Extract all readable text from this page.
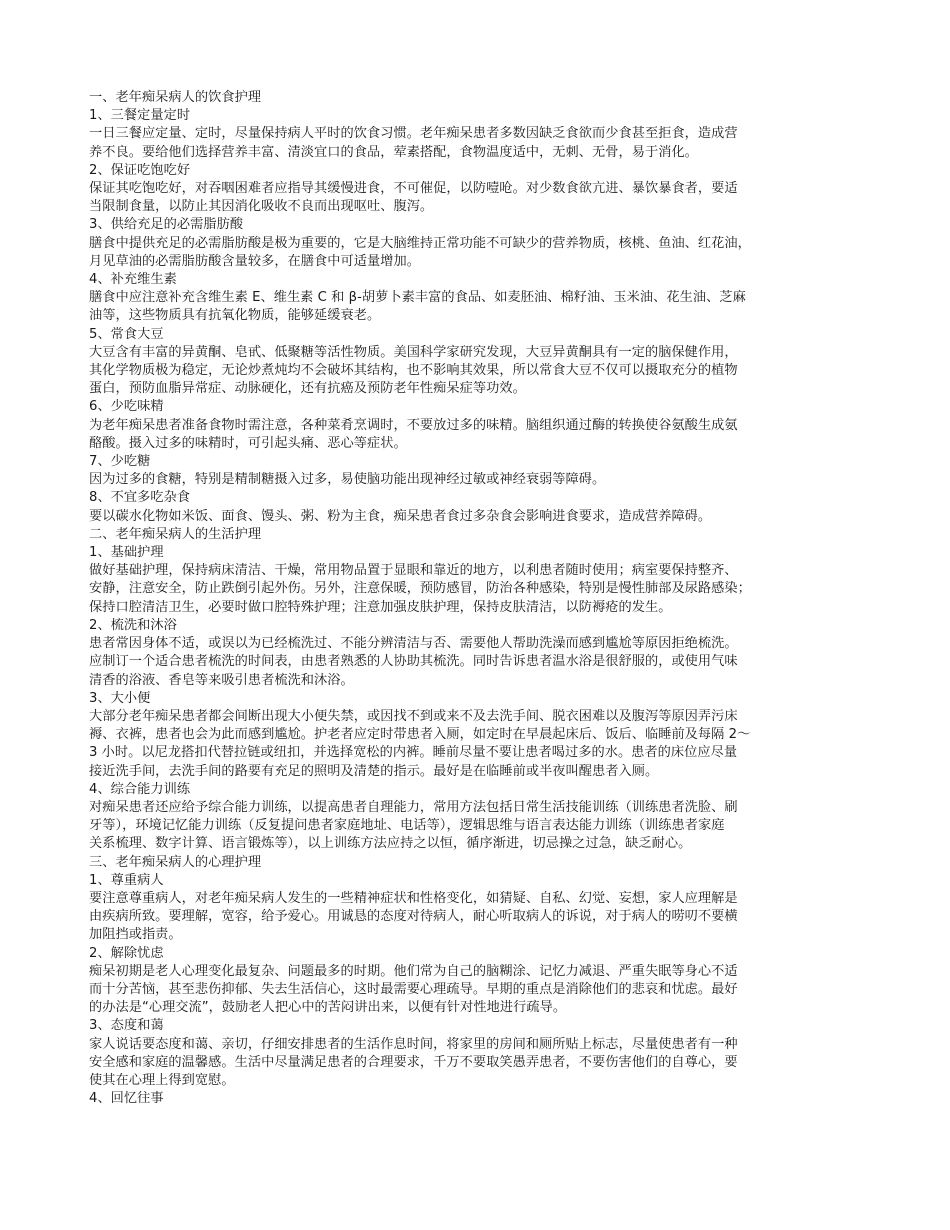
一、老年痴呆病人的饮食护理
1、三餐定量定时
一日三餐应定量、定时，尽量保持病人平时的饮食习惯。老年痴呆患者多数因缺乏食欲而少食甚至拒食，造成营
养不良。要给他们选择营养丰富、清淡宜口的食品，荤素搭配，食物温度适中，无刺、无骨，易于消化。
2、保证吃饱吃好
保证其吃饱吃好，对吞咽困难者应指导其缓慢进食，不可催促，以防噎呛。对少数食欲亢进、暴饮暴食者，要适
当限制食量，以防止其因消化吸收不良而出现呕吐、腹泻。
3、供给充足的必需脂肪酸
膳食中提供充足的必需脂肪酸是极为重要的，它是大脑维持正常功能不可缺少的营养物质，核桃、鱼油、红花油，
月见草油的必需脂肪酸含量较多，在膳食中可适量增加。
4、补充维生素
膳食中应注意补充含维生素 E、维生素 C 和 β-胡萝卜素丰富的食品、如麦胚油、棉籽油、玉米油、花生油、芝麻
油等，这些物质具有抗氧化物质，能够延缓衰老。
5、常食大豆
大豆含有丰富的异黄酮、皂甙、低聚糖等活性物质。美国科学家研究发现，大豆异黄酮具有一定的脑保健作用，
其化学物质极为稳定，无论炒煮炖均不会破坏其结构，也不影响其效果，所以常食大豆不仅可以摄取充分的植物
蛋白，预防血脂异常症、动脉硬化，还有抗癌及预防老年性痴呆症等功效。
6、少吃味精
为老年痴呆患者准备食物时需注意，各种菜肴烹调时，不要放过多的味精。脑组织通过酶的转换使谷氨酸生成氨
酪酸。摄入过多的味精时，可引起头痛、恶心等症状。
7、少吃糖
因为过多的食糖，特别是精制糖摄入过多，易使脑功能出现神经过敏或神经衰弱等障碍。
8、不宜多吃杂食
要以碳水化物如米饭、面食、馒头、粥、粉为主食，痴呆患者食过多杂食会影响进食要求，造成营养障碍。
二、老年痴呆病人的生活护理
1、基础护理
做好基础护理，保持病床清洁、干燥，常用物品置于显眼和靠近的地方，以利患者随时使用；病室要保持整齐、
安静，注意安全，防止跌倒引起外伤。另外，注意保暖，预防感冒，防治各种感染，特别是慢性肺部及尿路感染；
保持口腔清洁卫生，必要时做口腔特殊护理；注意加强皮肤护理，保持皮肤清洁，以防褥疮的发生。
2、梳洗和沐浴
患者常因身体不适，或误以为已经梳洗过、不能分辨清洁与否、需要他人帮助洗澡而感到尴尬等原因拒绝梳洗。
应制订一个适合患者梳洗的时间表，由患者熟悉的人协助其梳洗。同时告诉患者温水浴是很舒服的，或使用气味
清香的浴液、香皂等来吸引患者梳洗和沐浴。
3、大小便
大部分老年痴呆患者都会间断出现大小便失禁，或因找不到或来不及去洗手间、脱衣困难以及腹泻等原因弄污床
褥、衣裤，患者也会为此而感到尴尬。护老者应定时带患者入厕，如定时在早晨起床后、饭后、临睡前及每隔 2～
3 小时。以尼龙搭扣代替拉链或纽扣，并选择宽松的内裤。睡前尽量不要让患者喝过多的水。患者的床位应尽量
接近洗手间，去洗手间的路要有充足的照明及清楚的指示。最好是在临睡前或半夜叫醒患者入厕。
4、综合能力训练
对痴呆患者还应给予综合能力训练，以提高患者自理能力，常用方法包括日常生活技能训练（训练患者洗脸、刷
牙等），环境记忆能力训练（反复提问患者家庭地址、电话等），逻辑思维与语言表达能力训练（训练患者家庭
关系梳理、数字计算、语言锻炼等），以上训练方法应持之以恒，循序渐进，切忌操之过急，缺乏耐心。
三、老年痴呆病人的心理护理
1、尊重病人
要注意尊重病人，对老年痴呆病人发生的一些精神症状和性格变化，如猜疑、自私、幻觉、妄想，家人应理解是
由疾病所致。要理解，宽容，给予爱心。用诚恳的态度对待病人，耐心听取病人的诉说，对于病人的唠叨不要横
加阻挡或指责。
2、解除忧虑
痴呆初期是老人心理变化最复杂、问题最多的时期。他们常为自己的脑糊涂、记忆力减退、严重失眠等身心不适
而十分苦恼，甚至悲伤抑郁、失去生活信心，这时最需要心理疏导。早期的重点是消除他们的悲哀和忧虑。最好
的办法是“心理交流”，鼓励老人把心中的苦闷讲出来，以便有针对性地进行疏导。
3、态度和蔼
家人说话要态度和蔼、亲切，仔细安排患者的生活作息时间，将家里的房间和厕所贴上标志，尽量使患者有一种
安全感和家庭的温馨感。生活中尽量满足患者的合理要求，千万不要取笑愚弄患者，不要伤害他们的自尊心，要
使其在心理上得到宽慰。
4、回忆往事
